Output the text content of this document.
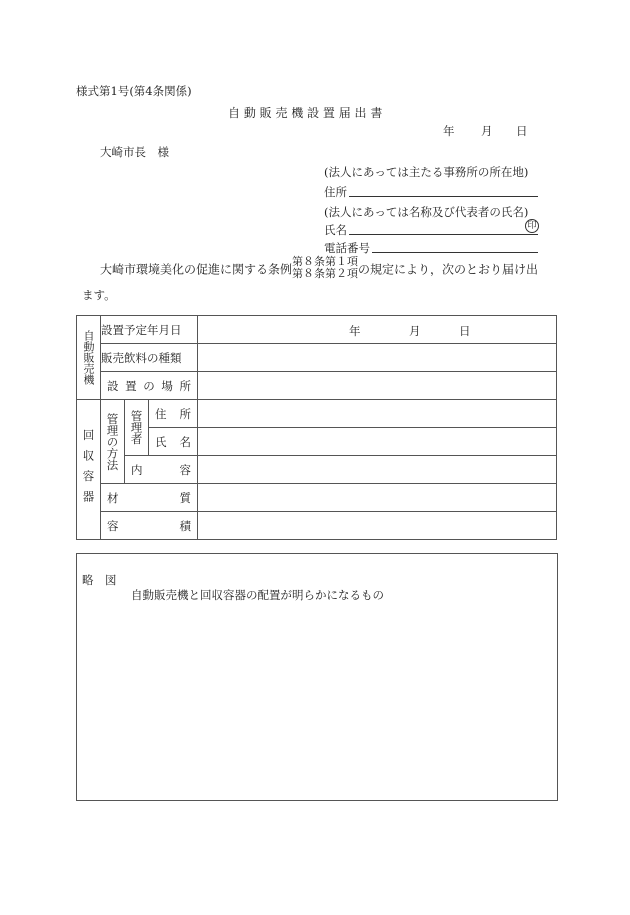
様式第1号(第4条関係)
自 動 販 売 機 設 置 届 出 書
年 月 日
大崎市長　様
(法人にあっては主たる事務所の所在地)
住所
(法人にあっては名称及び代表者の氏名)
氏名	印
電話番号
大崎市環境美化の促進に関する条例
第８条第１項
第８条第２項 の規定により，次のとおり届け出
ます。
自動販売機	設置予定年月日			年 月 日

	販売飲料の種類			

	設 置 の 場 所			

回収容器	管理の方法	管理者	住 所	

			氏 名	

		内 容		

	材 質			

	容 積			

略　図
自動販売機と回収容器の配置が明らかになるもの
